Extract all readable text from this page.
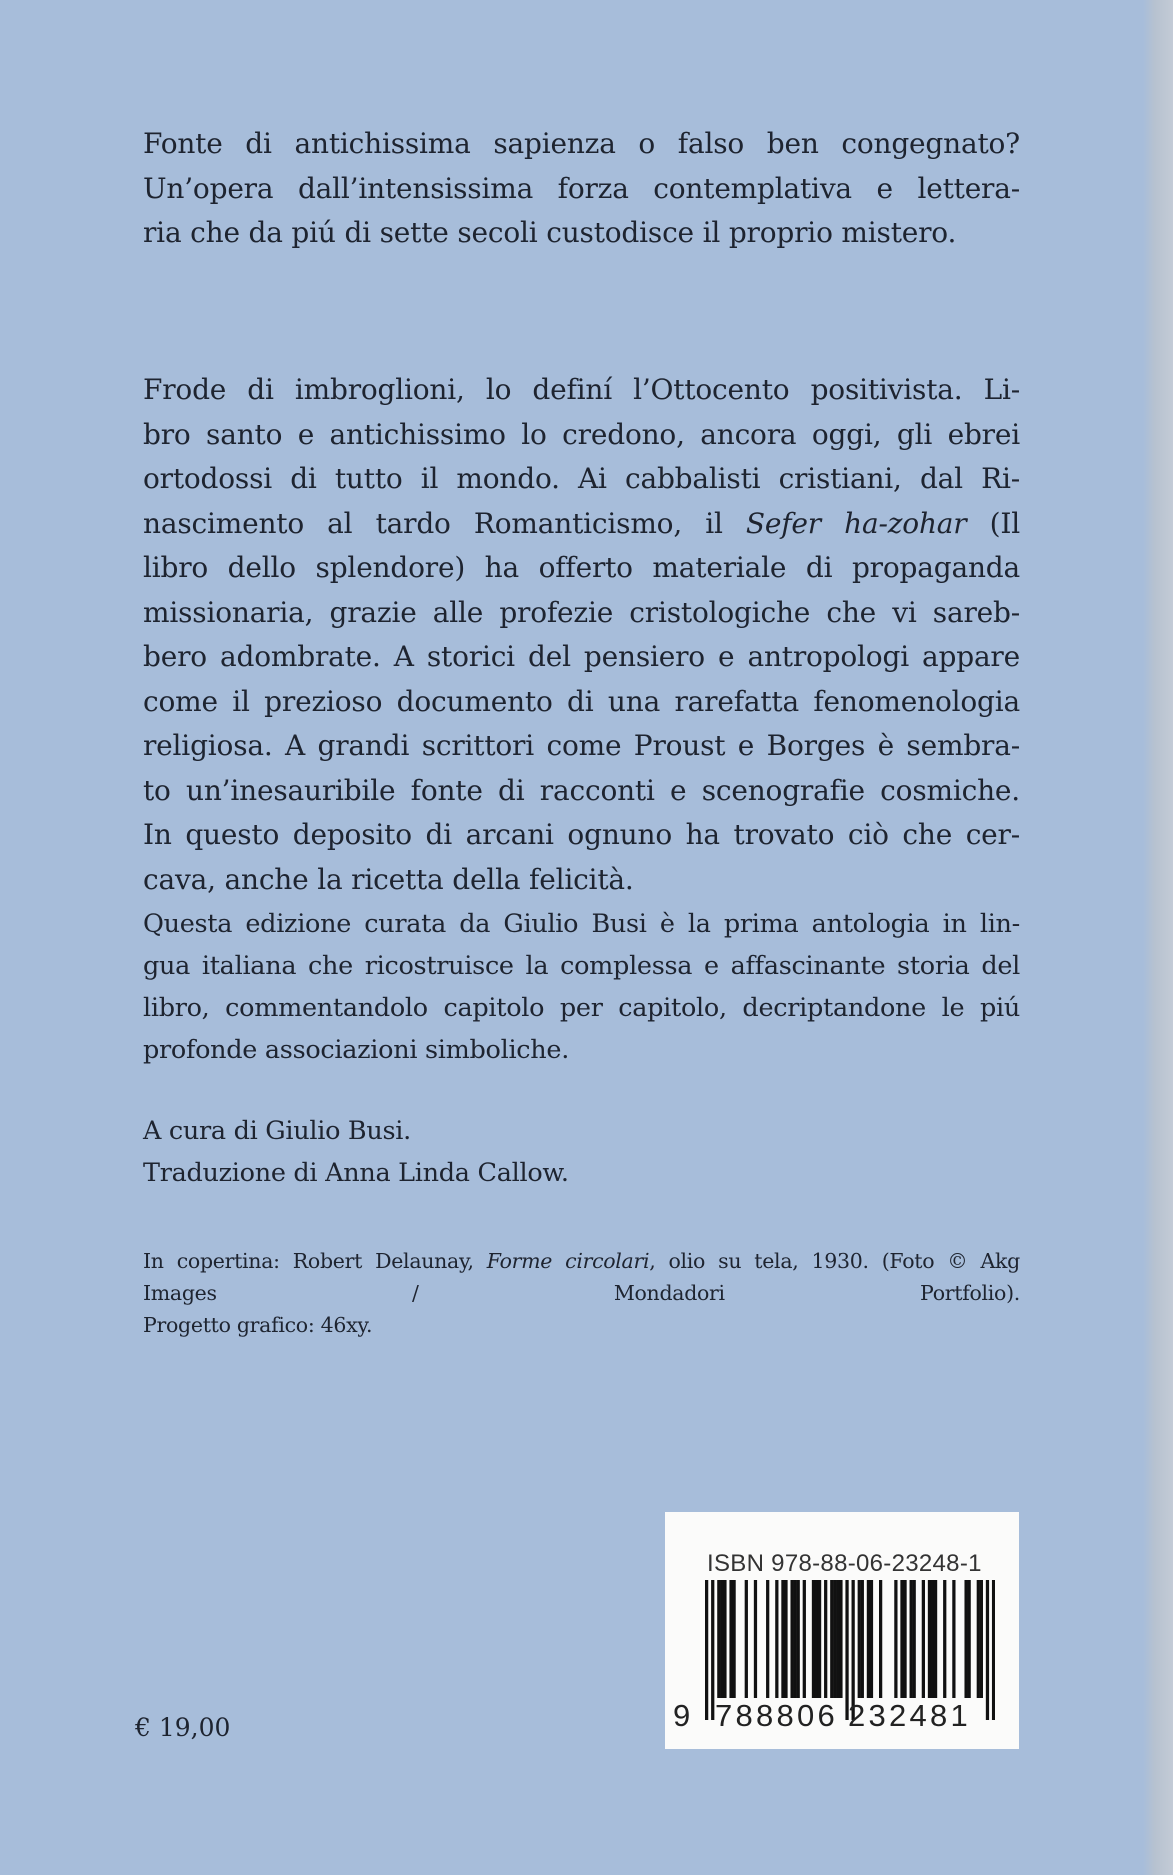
Fonte di antichissima sapienza o falso ben congegnato?
Un’opera dall’intensissima forza contemplativa e lettera-
ria che da piú di sette secoli custodisce il proprio mistero.
Frode di imbroglioni, lo definí l’Ottocento positivista. Li-
bro santo e antichissimo lo credono, ancora oggi, gli ebrei
ortodossi di tutto il mondo. Ai cabbalisti cristiani, dal Ri-
nascimento al tardo Romanticismo, il Sefer ha-zohar (Il
libro dello splendore) ha offerto materiale di propaganda
missionaria, grazie alle profezie cristologiche che vi sareb-
bero adombrate. A storici del pensiero e antropologi appare
come il prezioso documento di una rarefatta fenomenologia
religiosa. A grandi scrittori come Proust e Borges è sembra-
to un’inesauribile fonte di racconti e scenografie cosmiche.
In questo deposito di arcani ognuno ha trovato ciò che cer-
cava, anche la ricetta della felicità.
Questa edizione curata da Giulio Busi è la prima antologia in lin-
gua italiana che ricostruisce la complessa e affascinante storia del
libro, commentandolo capitolo per capitolo, decriptandone le piú
profonde associazioni simboliche.
A cura di Giulio Busi.
Traduzione di Anna Linda Callow.
In copertina: Robert Delaunay, Forme circolari, olio su tela, 1930. (Foto © Akg
Images / Mondadori Portfolio).
Progetto grafico: 46xy.
€ 19,00
ISBN 978-88-06-23248-1
9 7 8 8 8 0 6 2 3 2 4 8 1
